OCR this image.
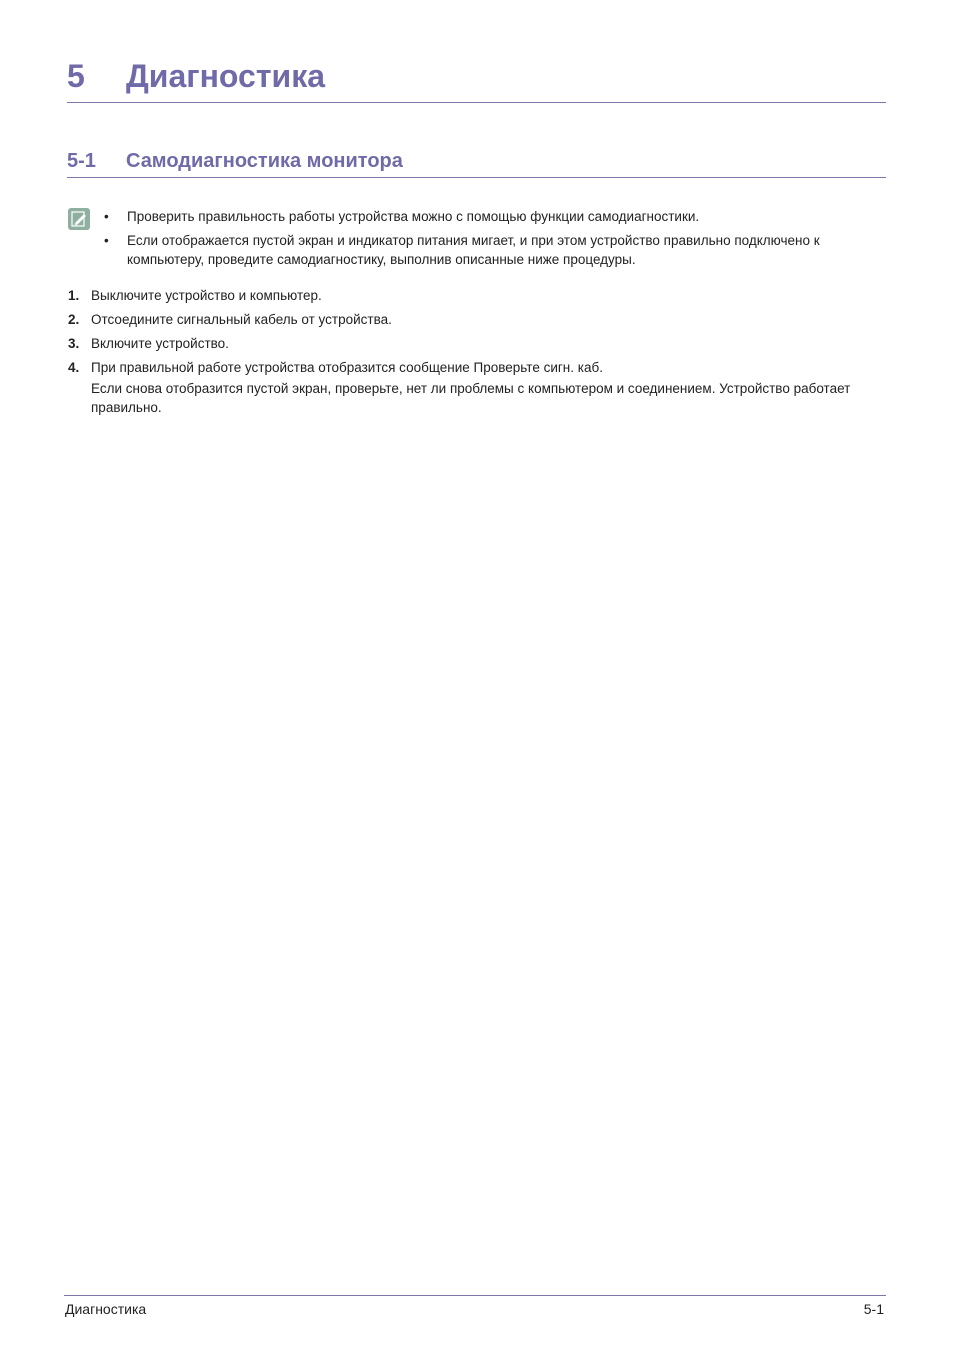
5 Диагностика
5-1 Самодиагностика монитора
• Проверить правильность работы устройства можно с помощью функции самодиагностики.
• Если отображается пустой экран и индикатор питания мигает, и при этом устройство правильно подключено к компьютеру, проведите самодиагностику, выполнив описанные ниже процедуры.
1. Выключите устройство и компьютер.
2. Отсоедините сигнальный кабель от устройства.
3. Включите устройство.
4. При правильной работе устройства отобразится сообщение Проверьте сигн. каб.
Если снова отобразится пустой экран, проверьте, нет ли проблемы с компьютером и соединением. Устройство работает правильно.
Диагностика	5-1
